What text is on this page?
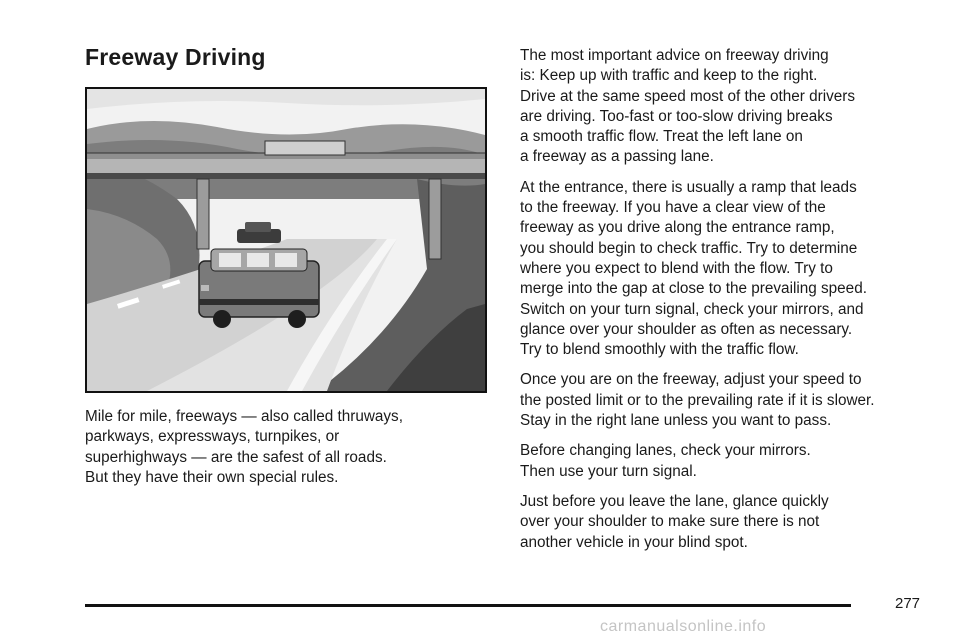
Freeway Driving

Mile for mile, freeways — also called thruways,
parkways, expressways, turnpikes, or
superhighways — are the safest of all roads.
But they have their own special rules.

The most important advice on freeway driving
is: Keep up with traffic and keep to the right.
Drive at the same speed most of the other drivers
are driving. Too-fast or too-slow driving breaks
a smooth traffic flow. Treat the left lane on
a freeway as a passing lane.

At the entrance, there is usually a ramp that leads
to the freeway. If you have a clear view of the
freeway as you drive along the entrance ramp,
you should begin to check traffic. Try to determine
where you expect to blend with the flow. Try to
merge into the gap at close to the prevailing speed.
Switch on your turn signal, check your mirrors, and
glance over your shoulder as often as necessary.
Try to blend smoothly with the traffic flow.

Once you are on the freeway, adjust your speed to
the posted limit or to the prevailing rate if it is slower.
Stay in the right lane unless you want to pass.

Before changing lanes, check your mirrors.
Then use your turn signal.

Just before you leave the lane, glance quickly
over your shoulder to make sure there is not
another vehicle in your blind spot.

277
carmanualsonline.info
